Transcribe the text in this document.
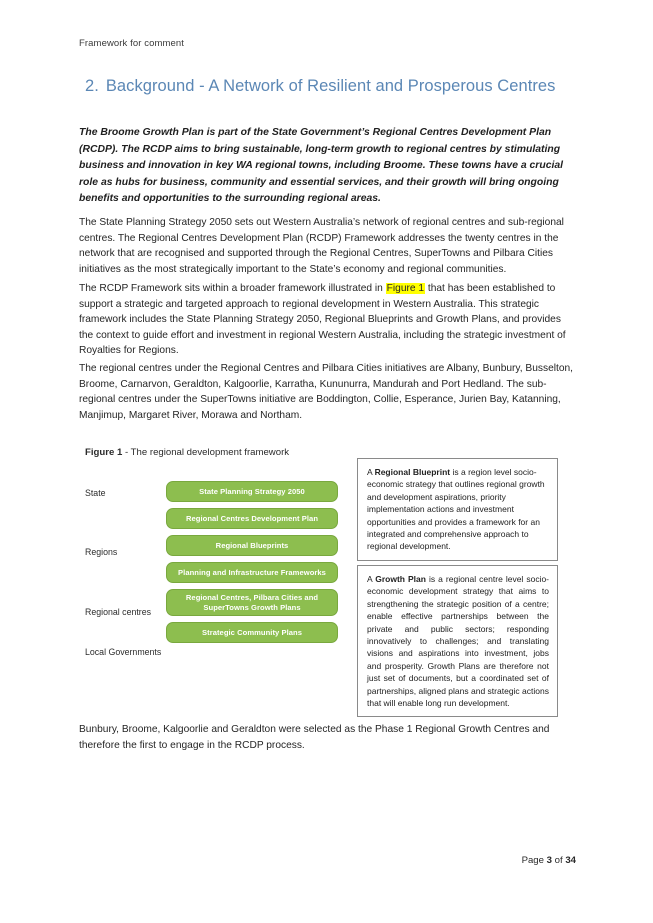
Framework for comment
2. Background - A Network of Resilient and Prosperous Centres
The Broome Growth Plan is part of the State Government’s Regional Centres Development Plan (RCDP). The RCDP aims to bring sustainable, long-term growth to regional centres by stimulating business and innovation in key WA regional towns, including Broome. These towns have a crucial role as hubs for business, community and essential services, and their growth will bring ongoing benefits and opportunities to the surrounding regional areas.
The State Planning Strategy 2050 sets out Western Australia’s network of regional centres and sub-regional centres. The Regional Centres Development Plan (RCDP) Framework addresses the twenty centres in the network that are recognised and supported through the Regional Centres, SuperTowns and Pilbara Cities initiatives as the most strategically important to the State’s economy and regional communities.
The RCDP Framework sits within a broader framework illustrated in Figure 1 that has been established to support a strategic and targeted approach to regional development in Western Australia. This strategic framework includes the State Planning Strategy 2050, Regional Blueprints and Growth Plans, and provides the context to guide effort and investment in regional Western Australia, including the strategic investment of Royalties for Regions.
The regional centres under the Regional Centres and Pilbara Cities initiatives are Albany, Bunbury, Busselton, Broome, Carnarvon, Geraldton, Kalgoorlie, Karratha, Kununurra, Mandurah and Port Hedland. The sub-regional centres under the SuperTowns initiative are Boddington, Collie, Esperance, Jurien Bay, Katanning, Manjimup, Margaret River, Morawa and Northam.
Figure 1 - The regional development framework
State
Regions
Regional centres
Local Governments
State Planning Strategy 2050
Regional Centres Development Plan
Regional Blueprints
Planning and Infrastructure Frameworks
Regional Centres, Pilbara Cities and SuperTowns Growth Plans
Strategic Community Plans
A Regional Blueprint is a region level socio-economic strategy that outlines regional growth and development aspirations, priority implementation actions and investment opportunities and provides a framework for an integrated and comprehensive approach to regional development.
A Growth Plan is a regional centre level socio-economic development strategy that aims to strengthening the strategic position of a centre; enable effective partnerships between the private and public sectors; responding innovatively to challenges; and translating visions and aspirations into investment, jobs and prosperity. Growth Plans are therefore not just set of documents, but a coordinated set of partnerships, aligned plans and strategic actions that will enable long run development.
Bunbury, Broome, Kalgoorlie and Geraldton were selected as the Phase 1 Regional Growth Centres and therefore the first to engage in the RCDP process.
Page 3 of 34
